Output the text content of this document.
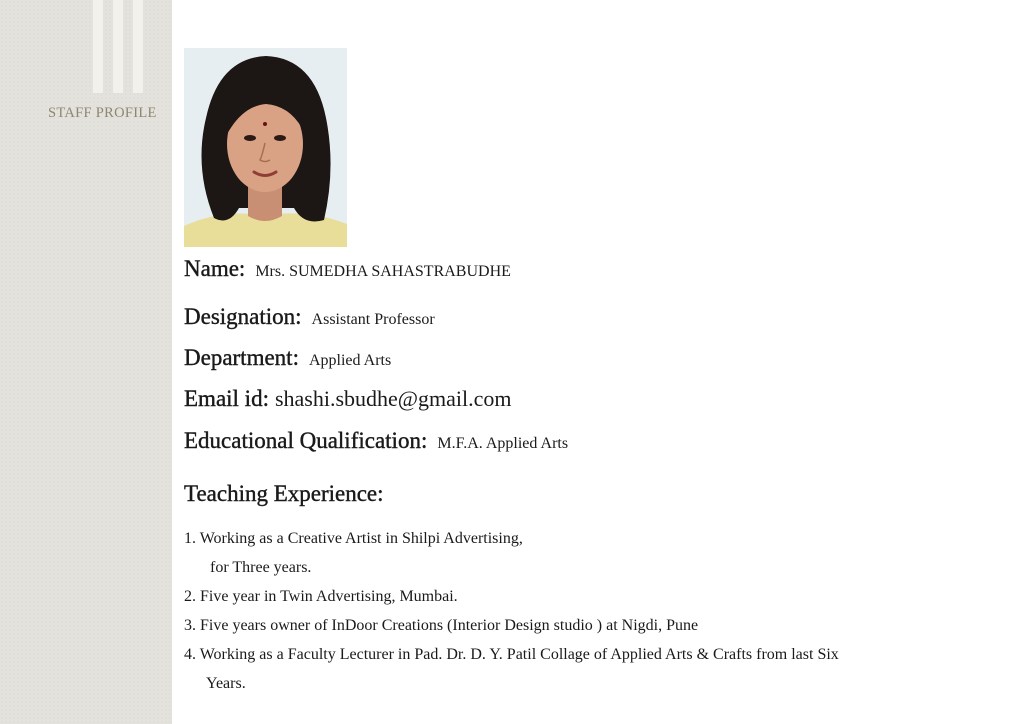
STAFF PROFILE
Name: Mrs. SUMEDHA SAHASTRABUDHE
Designation: Assistant Professor
Department: Applied Arts
Email id: shashi.sbudhe@gmail.com
Educational Qualification: M.F.A. Applied Arts
Teaching Experience:
1. Working as a Creative Artist in Shilpi Advertising,
for Three years.
2. Five year in Twin Advertising, Mumbai.
3. Five years owner of InDoor Creations (Interior Design studio ) at Nigdi, Pune
4. Working as a Faculty Lecturer in Pad. Dr. D. Y. Patil Collage of Applied Arts & Crafts from last Six
Years.
